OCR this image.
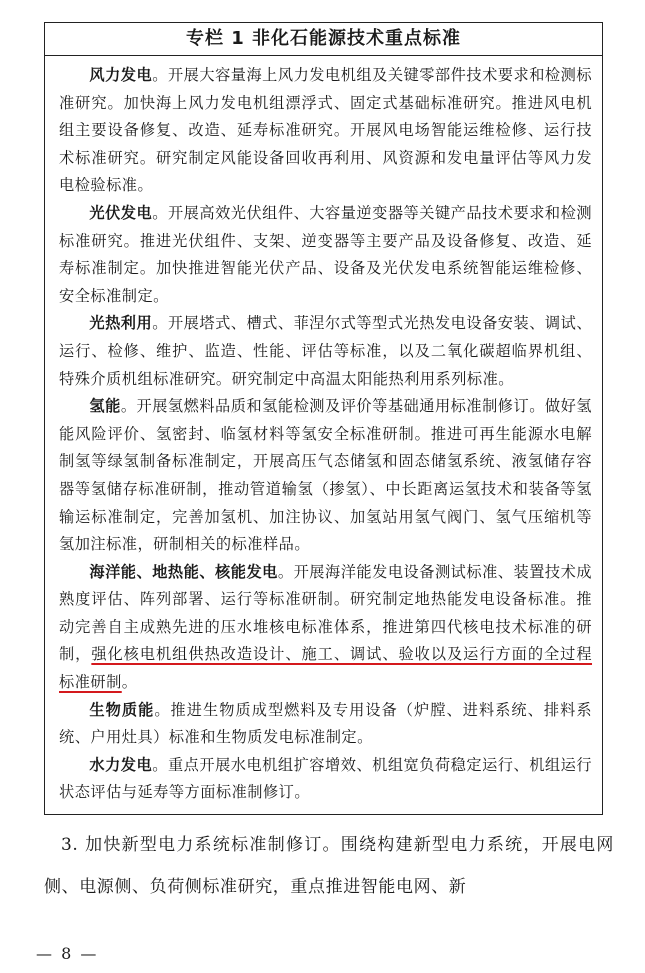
专栏 1 非化石能源技术重点标准

风力发电。开展大容量海上风力发电机组及关键零部件技术要求和检测标准研究。加快海上风力发电机组漂浮式、固定式基础标准研究。推进风电机组主要设备修复、改造、延寿标准研究。开展风电场智能运维检修、运行技术标准研究。研究制定风能设备回收再利用、风资源和发电量评估等风力发电检验标准。

光伏发电。开展高效光伏组件、大容量逆变器等关键产品技术要求和检测标准研究。推进光伏组件、支架、逆变器等主要产品及设备修复、改造、延寿标准制定。加快推进智能光伏产品、设备及光伏发电系统智能运维检修、安全标准制定。

光热利用。开展塔式、槽式、菲涅尔式等型式光热发电设备安装、调试、运行、检修、维护、监造、性能、评估等标准，以及二氧化碳超临界机组、特殊介质机组标准研究。研究制定中高温太阳能热利用系列标准。

氢能。开展氢燃料品质和氢能检测及评价等基础通用标准制修订。做好氢能风险评价、氢密封、临氢材料等氢安全标准研制。推进可再生能源水电解制氢等绿氢制备标准制定，开展高压气态储氢和固态储氢系统、液氢储存容器等氢储存标准研制，推动管道输氢（掺氢）、中长距离运氢技术和装备等氢输运标准制定，完善加氢机、加注协议、加氢站用氢气阀门、氢气压缩机等氢加注标准，研制相关的标准样品。

海洋能、地热能、核能发电。开展海洋能发电设备测试标准、装置技术成熟度评估、阵列部署、运行等标准研制。研究制定地热能发电设备标准。推动完善自主成熟先进的压水堆核电标准体系，推进第四代核电技术标准的研制，强化核电机组供热改造设计、施工、调试、验收以及运行方面的全过程标准研制。

生物质能。推进生物质成型燃料及专用设备（炉膛、进料系统、排料系统、户用灶具）标准和生物质发电标准制定。

水力发电。重点开展水电机组扩容增效、机组宽负荷稳定运行、机组运行状态评估与延寿等方面标准制修订。

3. 加快新型电力系统标准制修订。围绕构建新型电力系统，开展电网侧、电源侧、负荷侧标准研究，重点推进智能电网、新

— 8 —
